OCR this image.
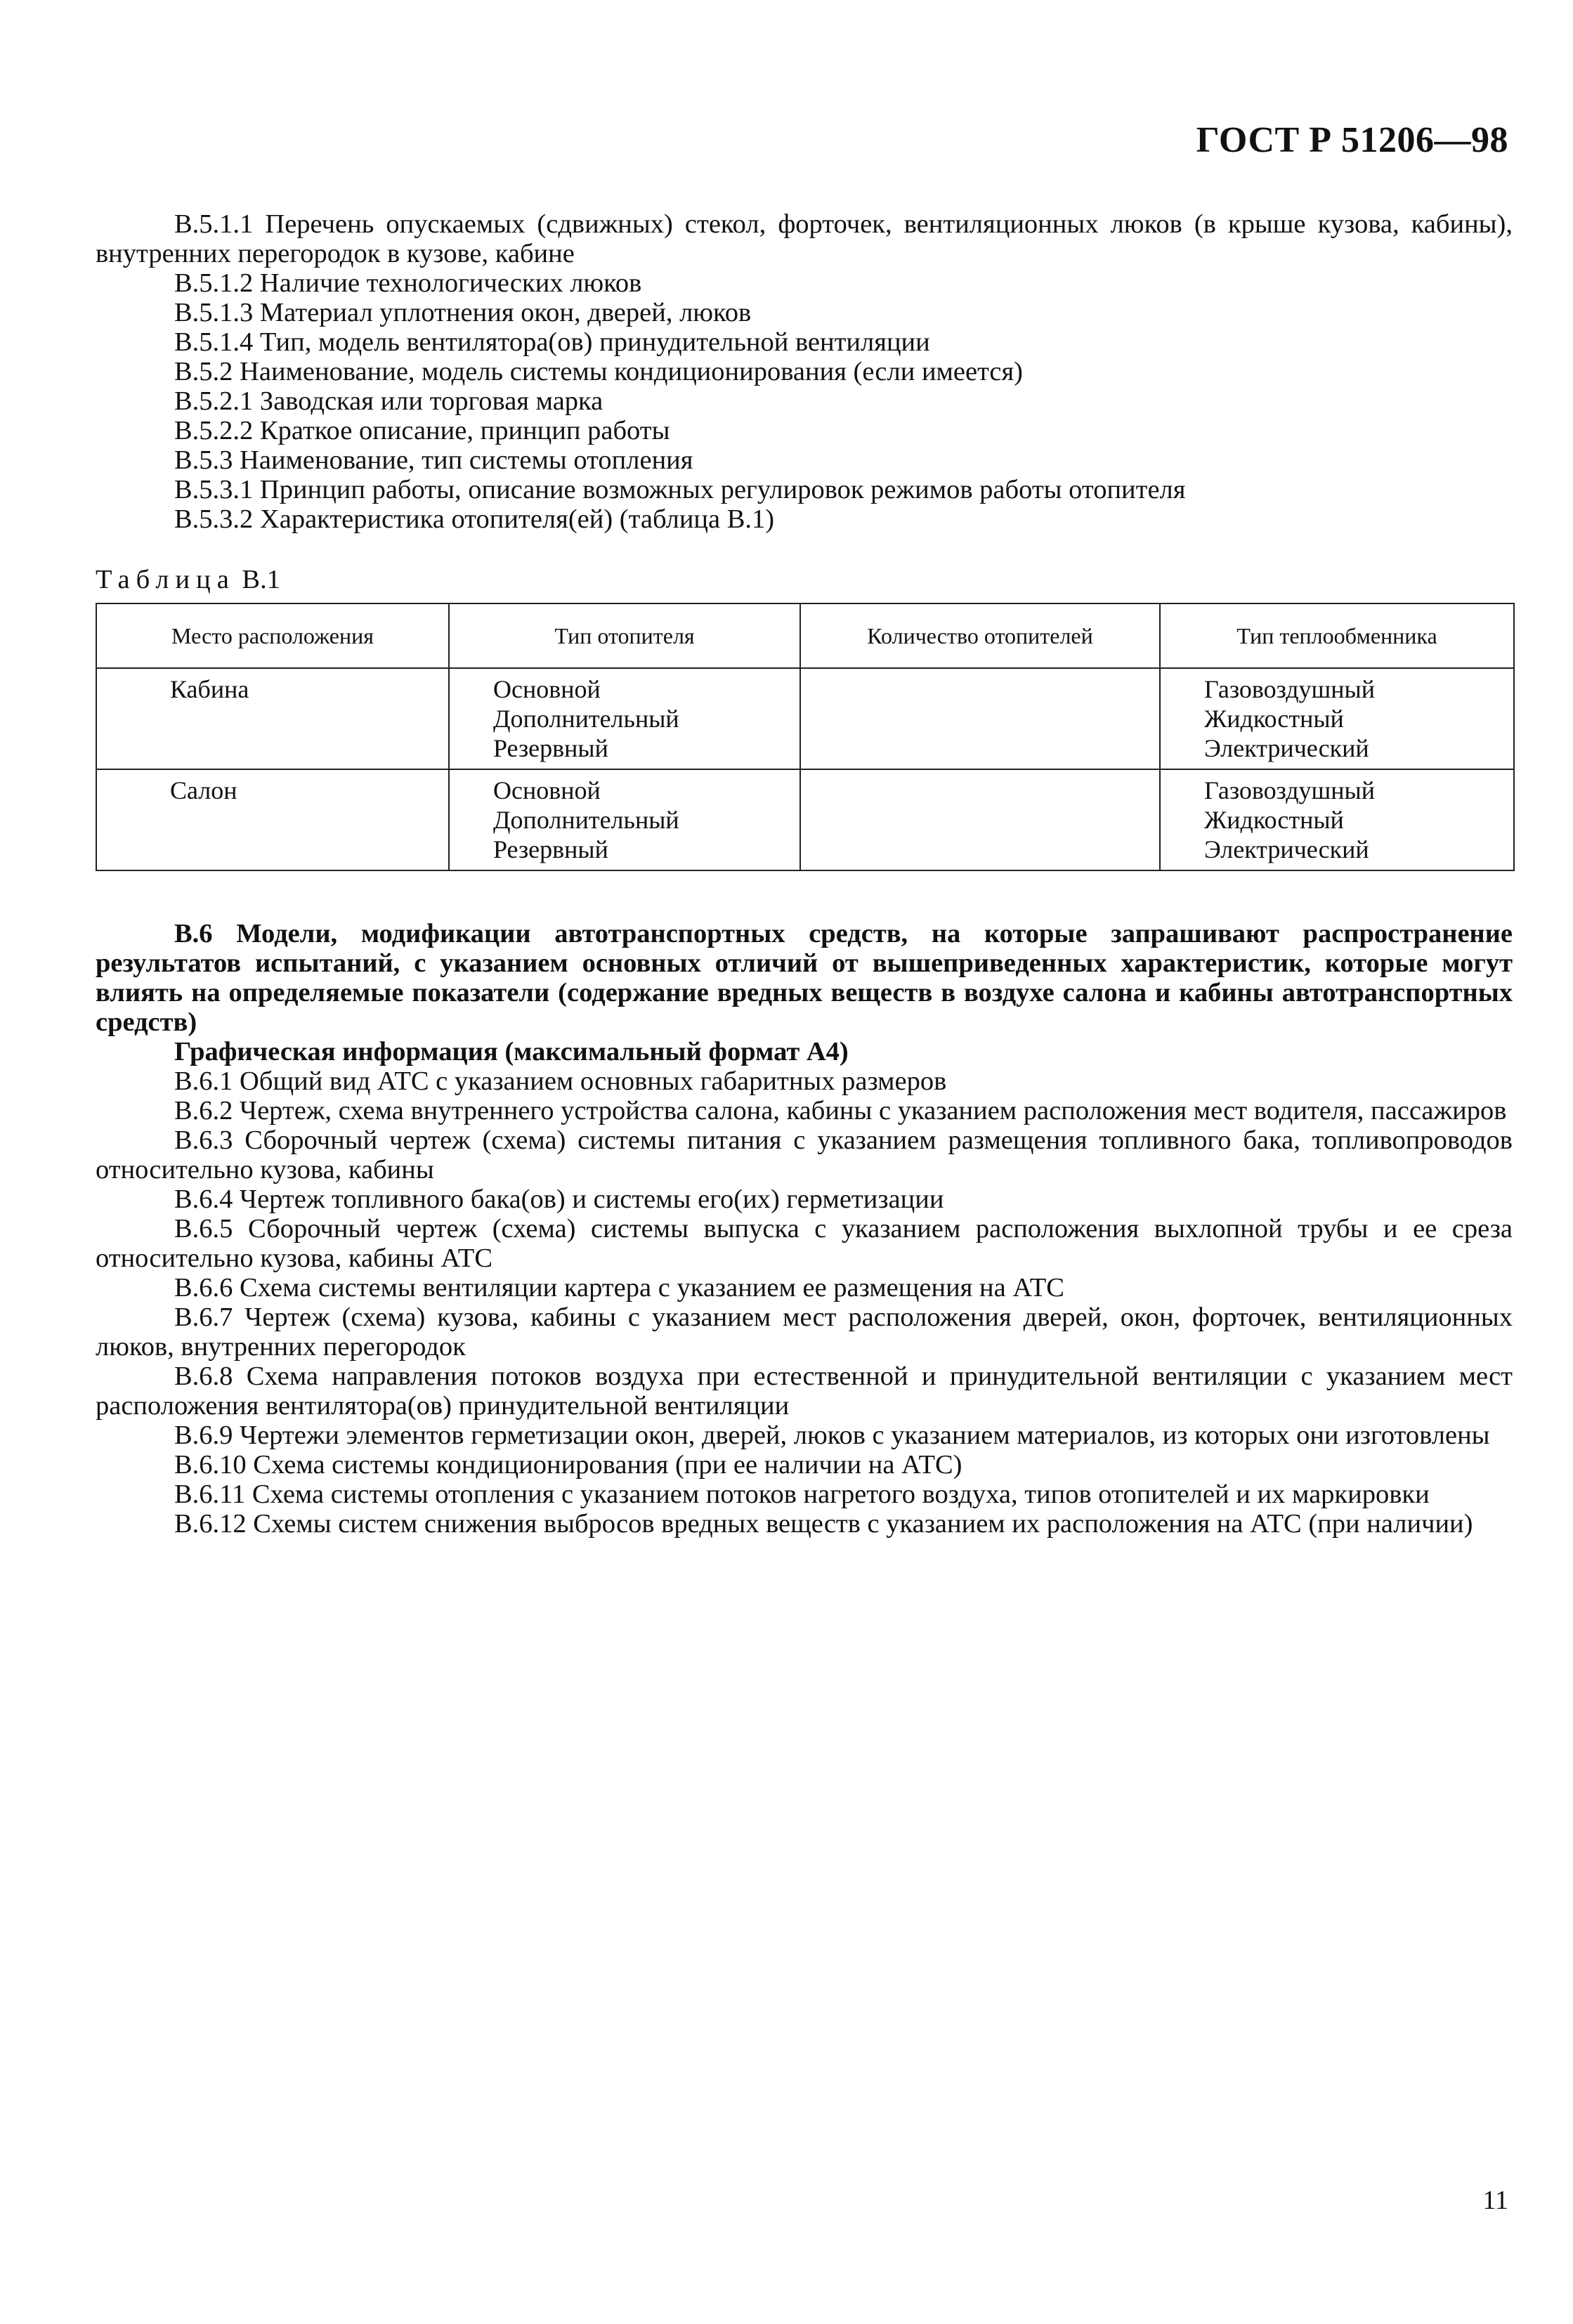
ГОСТ Р 51206—98

В.5.1.1 Перечень опускаемых (сдвижных) стекол, форточек, вентиляционных люков (в крыше кузова, кабины), внутренних перегородок в кузове, кабине

В.5.1.2 Наличие технологических люков

В.5.1.3 Материал уплотнения окон, дверей, люков

В.5.1.4 Тип, модель вентилятора(ов) принудительной вентиляции

В.5.2 Наименование, модель системы кондиционирования (если имеется)

В.5.2.1 Заводская или торговая марка

В.5.2.2 Краткое описание, принцип работы

В.5.3 Наименование, тип системы отопления

В.5.3.1 Принцип работы, описание возможных регулировок режимов работы отопителя

В.5.3.2 Характеристика отопителя(ей) (таблица В.1)

Таблица В.1
Место расположения	Тип отопителя	Количество отопителей	Тип теплообменника
Кабина	Основной
Дополнительный
Резервный		Газовоздушный
Жидкостный
Электрический

Салон	Основной
Дополнительный
Резервный		Газовоздушный
Жидкостный
Электрический

В.6 Модели, модификации автотранспортных средств, на которые запрашивают распространение результатов испытаний, с указанием основных отличий от вышеприведенных характеристик, которые могут влиять на определяемые показатели (содержание вредных веществ в воздухе салона и кабины автотранспортных средств)

Графическая информация (максимальный формат А4)

В.6.1 Общий вид АТС с указанием основных габаритных размеров

В.6.2 Чертеж, схема внутреннего устройства салона, кабины с указанием расположения мест водителя, пассажиров

В.6.3 Сборочный чертеж (схема) системы питания с указанием размещения топливного бака, топливопроводов относительно кузова, кабины

В.6.4 Чертеж топливного бака(ов) и системы его(их) герметизации

В.6.5 Сборочный чертеж (схема) системы выпуска с указанием расположения выхлопной трубы и ее среза относительно кузова, кабины АТС

В.6.6 Схема системы вентиляции картера с указанием ее размещения на АТС

В.6.7 Чертеж (схема) кузова, кабины с указанием мест расположения дверей, окон, форточек, вентиляционных люков, внутренних перегородок

В.6.8 Схема направления потоков воздуха при естественной и принудительной вентиляции с указанием мест расположения вентилятора(ов) принудительной вентиляции

В.6.9 Чертежи элементов герметизации окон, дверей, люков с указанием материалов, из которых они изготовлены

В.6.10 Схема системы кондиционирования (при ее наличии на АТС)

В.6.11 Схема системы отопления с указанием потоков нагретого воздуха, типов отопителей и их маркировки

В.6.12 Схемы систем снижения выбросов вредных веществ с указанием их расположения на АТС (при наличии)

11
